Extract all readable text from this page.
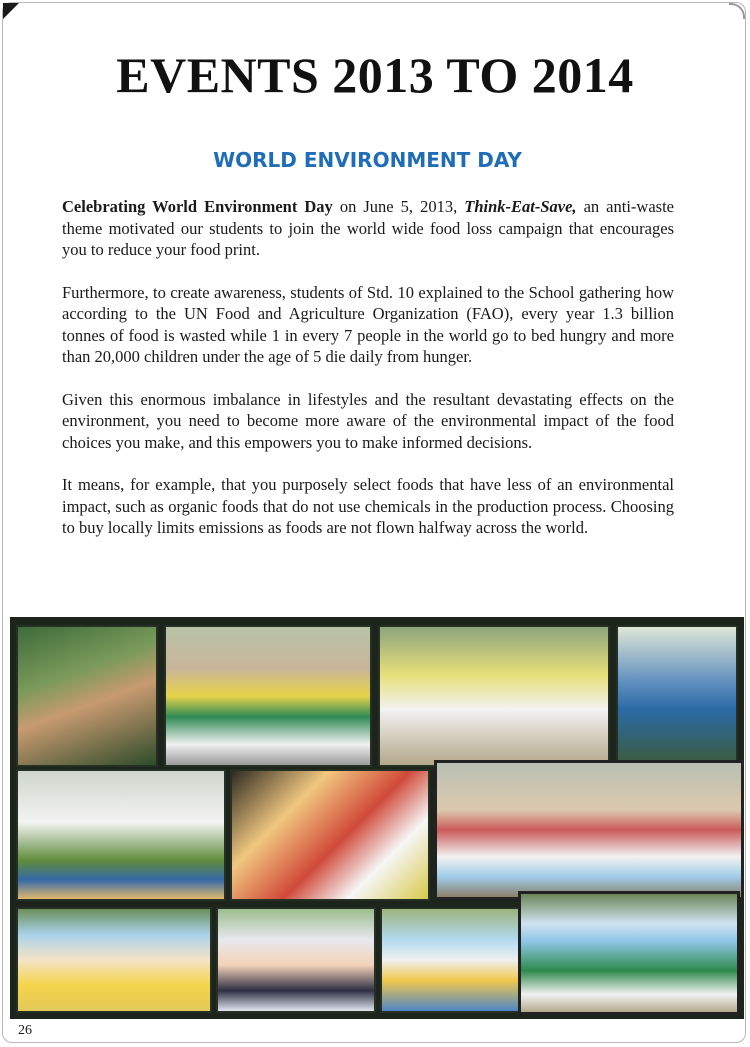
EVENTS 2013 TO 2014
WORLD ENVIRONMENT DAY

Celebrating World Environment Day on June 5, 2013, Think-Eat-Save, an anti-waste theme motivated our students to join the world wide food loss campaign that encourages you to reduce your food print.

Furthermore, to create awareness, students of Std. 10 explained to the School gathering how according to the UN Food and Agriculture Organization (FAO), every year 1.3 billion tonnes of food is wasted while 1 in every 7 people in the world go to bed hungry and more than 20,000 children under the age of 5 die daily from hunger.

Given this enormous imbalance in lifestyles and the resultant devastating effects on the environment, you need to become more aware of the environmental impact of the food choices you make, and this empowers you to make informed decisions.

It means, for example, that you purposely select foods that have less of an environmental impact, such as organic foods that do not use chemicals in the production process. Choosing to buy locally limits emissions as foods are not flown halfway across the world.

26
